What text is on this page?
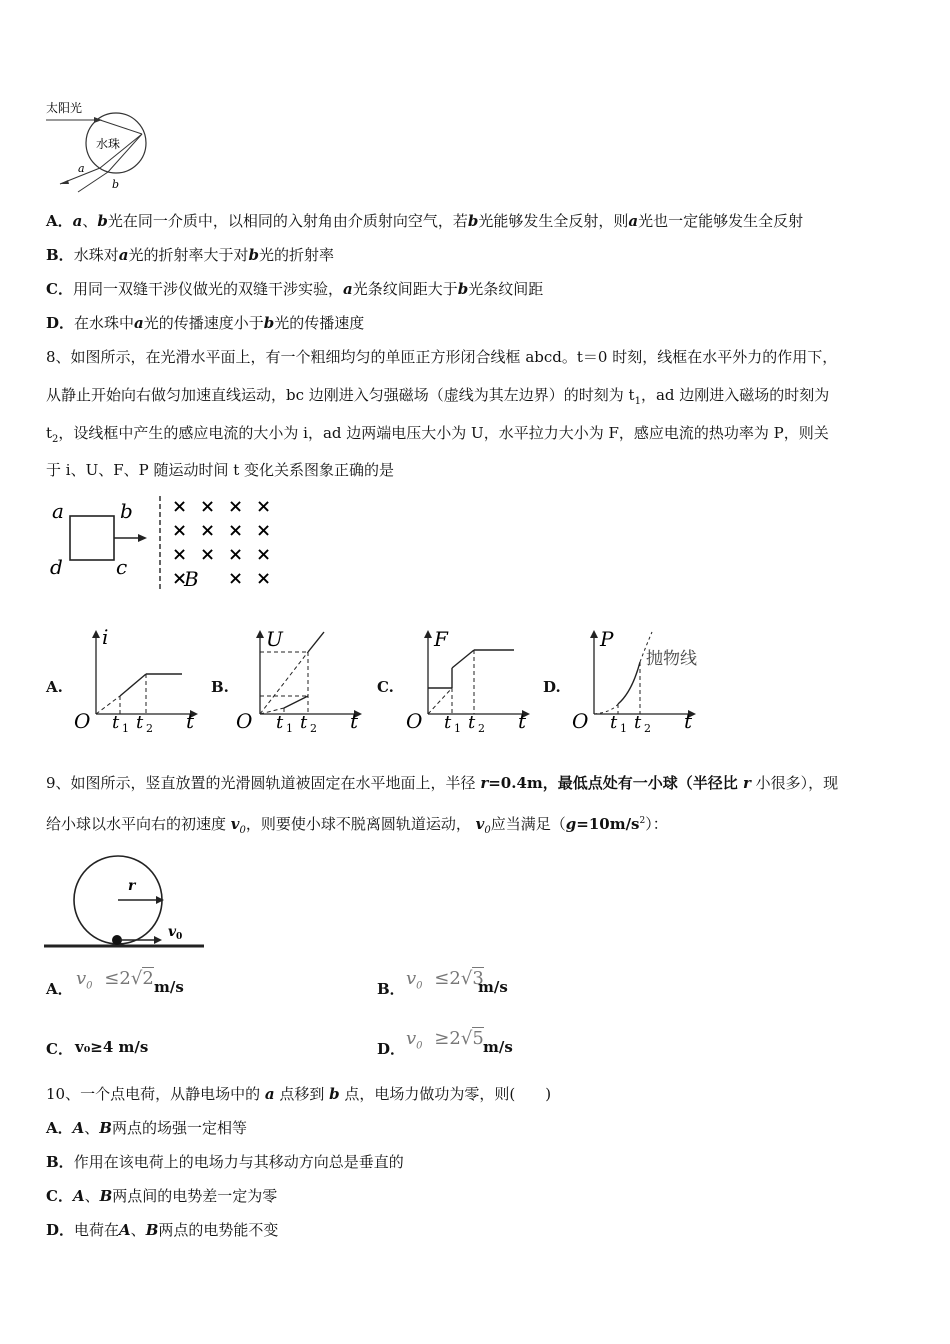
太阳光
水珠
a
b
A．a、b光在同一介质中，以相同的入射角由介质射向空气，若b光能够发生全反射，则a光也一定能够发生全反射
B．水珠对a光的折射率大于对b光的折射率
C．用同一双缝干涉仪做光的双缝干涉实验，a光条纹间距大于b光条纹间距
D．在水珠中a光的传播速度小于b光的传播速度
8、如图所示，在光滑水平面上，有一个粗细均匀的单匝正方形闭合线框 abcd。t＝0 时刻，线框在水平外力的作用下，
从静止开始向右做匀加速直线运动，bc 边刚进入匀强磁场（虚线为其左边界）的时刻为 $t_1$，ad 边刚进入磁场的时刻为
$t_2$，设线框中产生的感应电流的大小为 i，ad 边两端电压大小为 U，水平拉力大小为 F，感应电流的热功率为 P，则关
于 i、U、F、P 随运动时间 t 变化关系图象正确的是
a	b
d	c
× × × ×
× × × ×
× × × ×
× × ×
B
A.
i
O t 1 t 2 t
B.
U
O t 1 t 2 t
C.
F
O t 1 t 2 t
D.
P
抛物线
O t 1 t 2 t
9、如图所示，竖直放置的光滑圆轨道被固定在水平地面上，半径 r=0.4m，最低点处有一小球（半径比 r 小很多），现
给小球以水平向右的初速度 $v_0$，则要使小球不脱离圆轨道运动， $v_0$应当满足$(g=10m/s^2)$：
r
v 0
A． $v_0 \le 2√2$ m/s	B． $v_0 \le 2√3$
m/s
C． v₀≥4 m/s	D． $v_0 \ge 2√5$ m/s
10、一个点电荷，从静电场中的 a 点移到 b 点，电场力做功为零，则(　　)
A．A、B两点的场强一定相等
B．作用在该电荷上的电场力与其移动方向总是垂直的
C．A、B两点间的电势差一定为零
D．电荷在A、B两点的电势能不变
